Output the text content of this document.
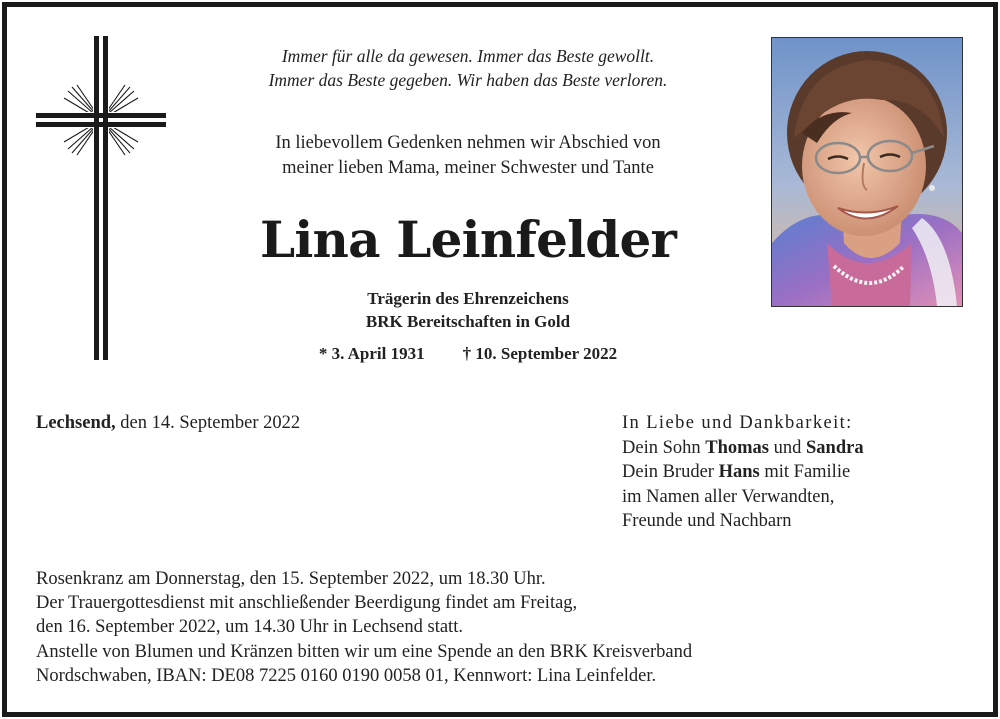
Immer für alle da gewesen. Immer das Beste gewollt.
Immer das Beste gegeben. Wir haben das Beste verloren.
In liebevollem Gedenken nehmen wir Abschied von
meiner lieben Mama, meiner Schwester und Tante
Lina Leinfelder
Trägerin des Ehrenzeichens
BRK Bereitschaften in Gold
* 3. April 1931 † 10. September 2022
Lechsend, den 14. September 2022	In Liebe und Dankbarkeit:
Dein Sohn Thomas und Sandra
Dein Bruder Hans mit Familie
im Namen aller Verwandten,
Freunde und Nachbarn
Rosenkranz am Donnerstag, den 15. September 2022, um 18.30 Uhr.
Der Trauergottesdienst mit anschließender Beerdigung findet am Freitag,
den 16. September 2022, um 14.30 Uhr in Lechsend statt.
Anstelle von Blumen und Kränzen bitten wir um eine Spende an den BRK Kreisverband
Nordschwaben, IBAN: DE08 7225 0160 0190 0058 01, Kennwort: Lina Leinfelder.
